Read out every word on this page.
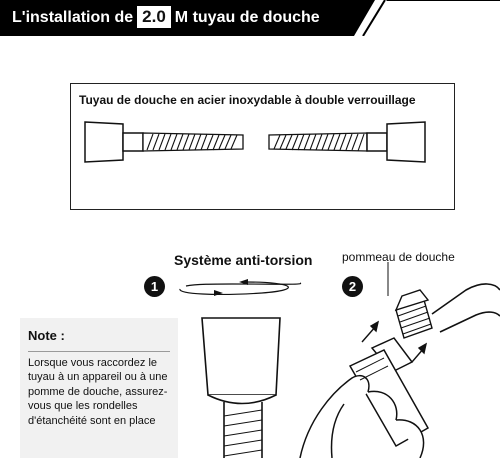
L'installation de 2.0 M tuyau de douche
Tuyau de douche en acier inoxydable à double verrouillage
Système anti-torsion
1
pommeau de douche
2
Note :
Lorsque vous raccordez le tuyau à un appareil ou à une pomme de douche, assurez-vous que les rondelles d'étanchéité sont en place
